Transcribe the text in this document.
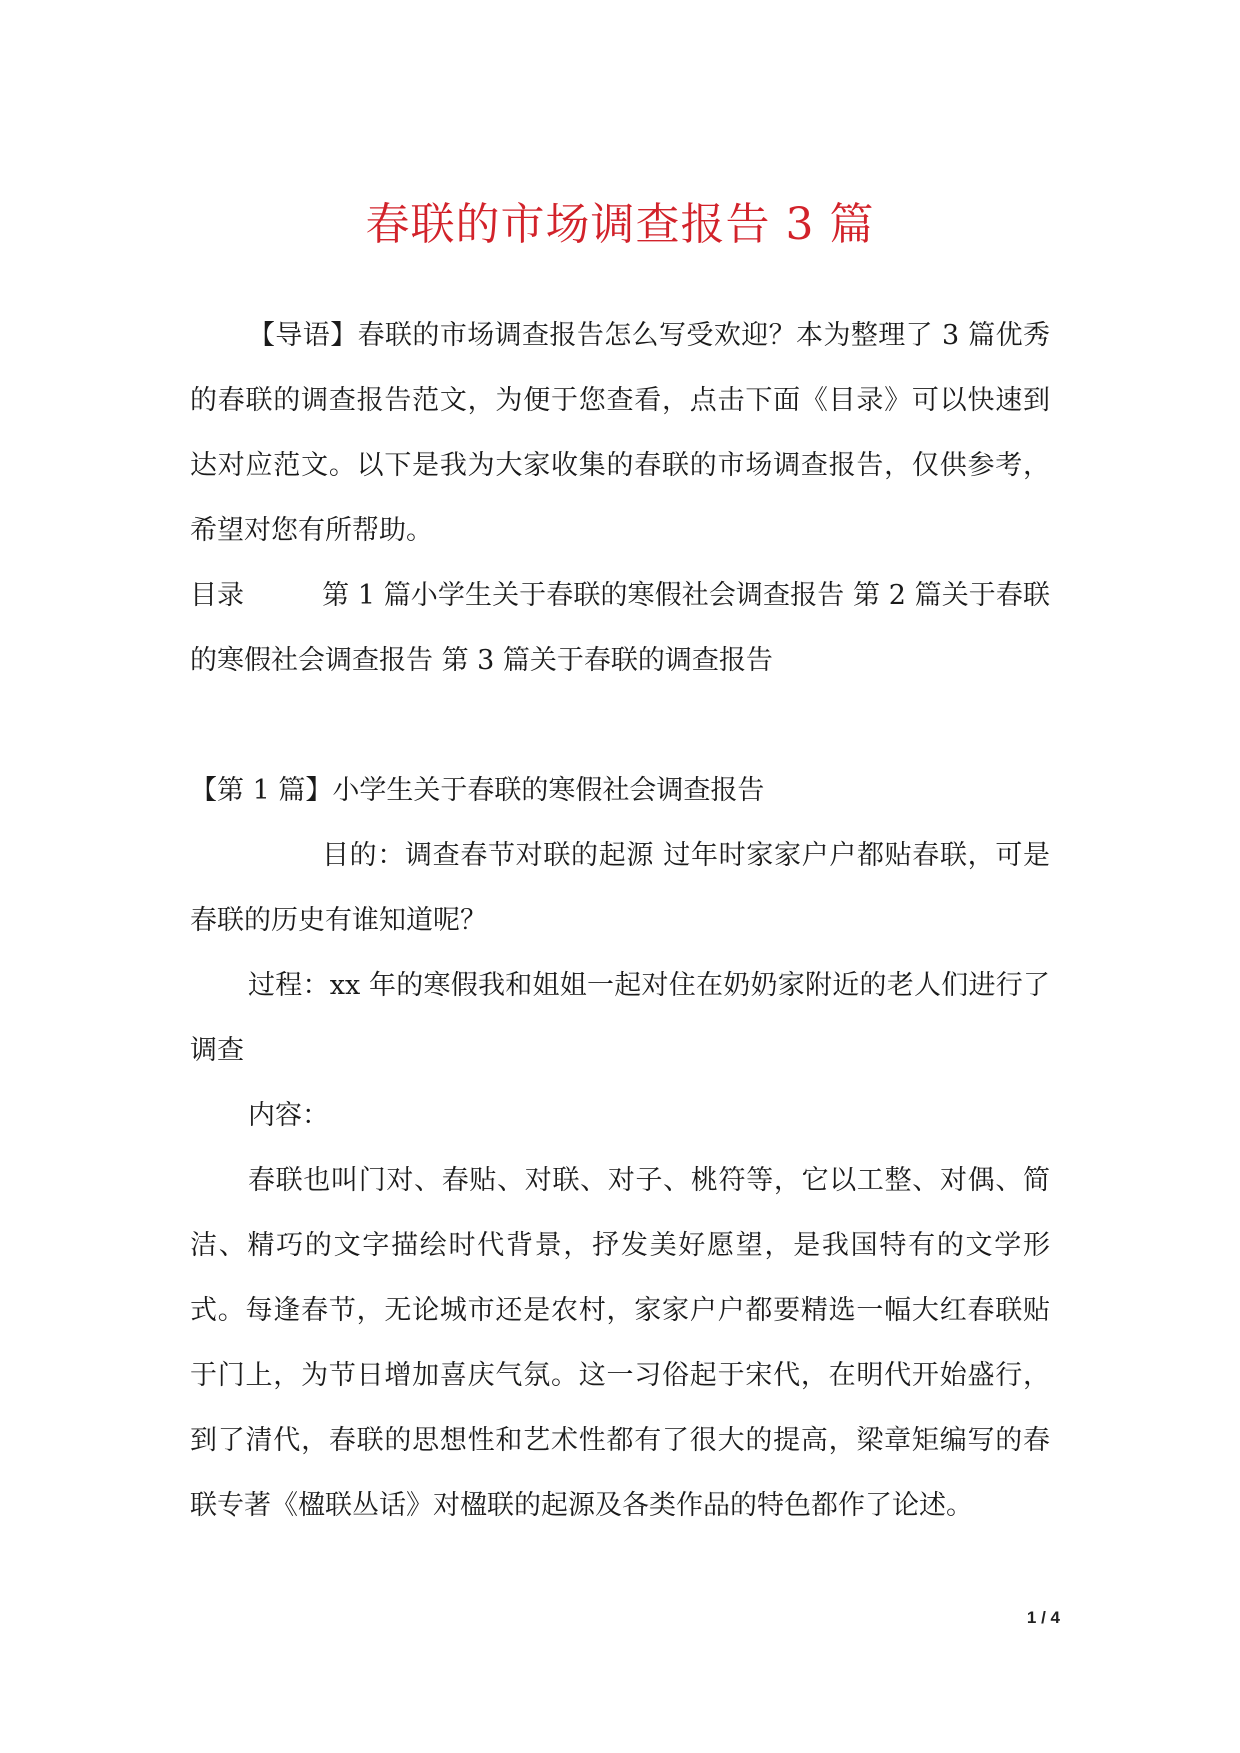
春联的市场调查报告 3 篇

【导语】春联的市场调查报告怎么写受欢迎？本为整理了 3 篇优秀的春联的调查报告范文，为便于您查看，点击下面《目录》可以快速到达对应范文。以下是我为大家收集的春联的市场调查报告，仅供参考，希望对您有所帮助。

目录	第 1 篇小学生关于春联的寒假社会调查报告 第 2 篇关于春联的寒假社会调查报告 第 3 篇关于春联的调查报告

【第 1 篇】小学生关于春联的寒假社会调查报告

目的：调查春节对联的起源 过年时家家户户都贴春联，可是春联的历史有谁知道呢？

过程：xx 年的寒假我和姐姐一起对住在奶奶家附近的老人们进行了调查

内容：

春联也叫门对、春贴、对联、对子、桃符等，它以工整、对偶、简洁、精巧的文字描绘时代背景，抒发美好愿望，是我国特有的文学形式。每逢春节，无论城市还是农村，家家户户都要精选一幅大红春联贴于门上，为节日增加喜庆气氛。这一习俗起于宋代，在明代开始盛行，到了清代，春联的思想性和艺术性都有了很大的提高，梁章矩编写的春联专著《楹联丛话》对楹联的起源及各类作品的特色都作了论述。

1 / 4
